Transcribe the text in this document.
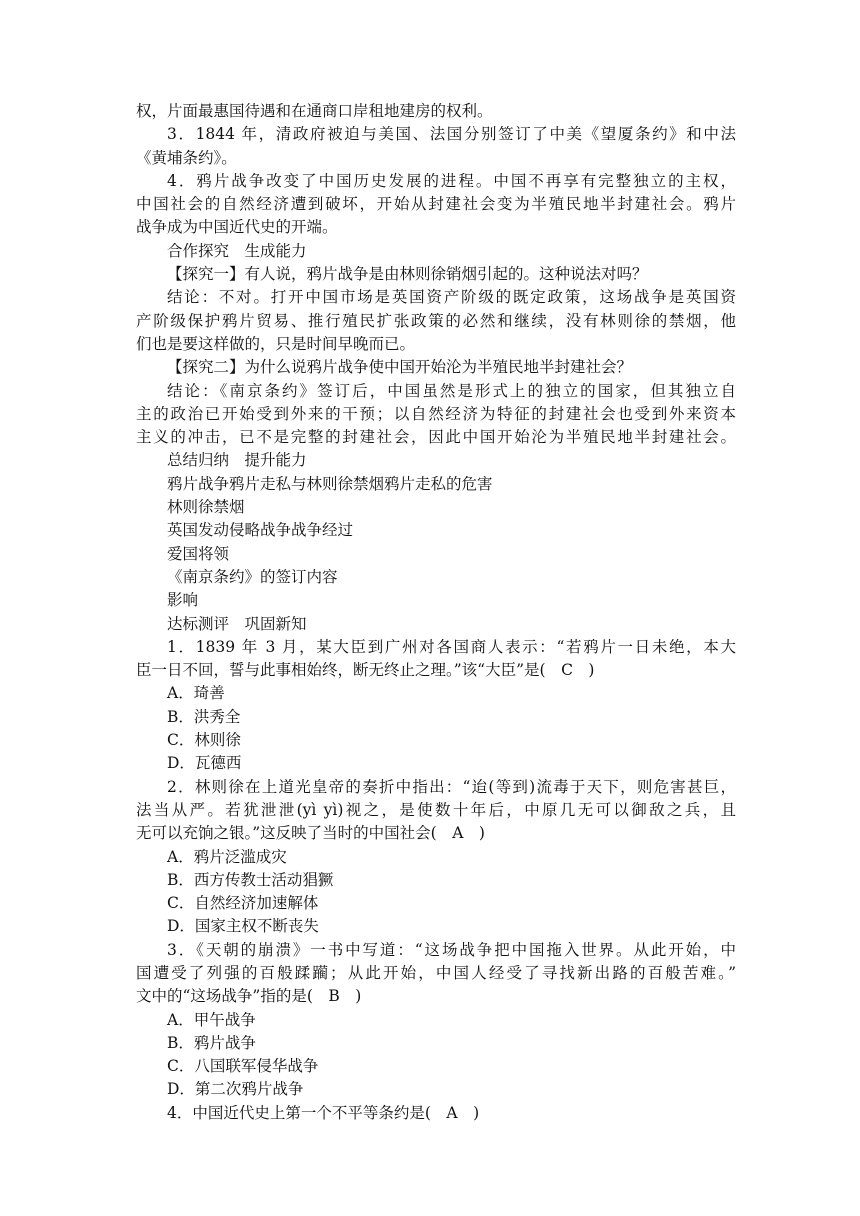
权，片面最惠国待遇和在通商口岸租地建房的权利。
3．1844 年，清政府被迫与美国、法国分别签订了中美《望厦条约》和中法
《黄埔条约》。
4．鸦片战争改变了中国历史发展的进程。中国不再享有完整独立的主权，
中国社会的自然经济遭到破坏，开始从封建社会变为半殖民地半封建社会。鸦片
战争成为中国近代史的开端。
合作探究　生成能力
【探究一】有人说，鸦片战争是由林则徐销烟引起的。这种说法对吗？
结论：不对。打开中国市场是英国资产阶级的既定政策，这场战争是英国资
产阶级保护鸦片贸易、推行殖民扩张政策的必然和继续，没有林则徐的禁烟，他
们也是要这样做的，只是时间早晚而已。
【探究二】为什么说鸦片战争使中国开始沦为半殖民地半封建社会？
结论：《南京条约》签订后，中国虽然是形式上的独立的国家，但其独立自
主的政治已开始受到外来的干预；以自然经济为特征的封建社会也受到外来资本
主义的冲击，已不是完整的封建社会，因此中国开始沦为半殖民地半封建社会。
总结归纳　提升能力
鸦片战争鸦片走私与林则徐禁烟鸦片走私的危害
林则徐禁烟
英国发动侵略战争战争经过
爱国将领
《南京条约》的签订内容
影响
达标测评　巩固新知
1．1839 年 3 月，某大臣到广州对各国商人表示：“若鸦片一日未绝，本大
臣一日不回，誓与此事相始终，断无终止之理。”该“大臣”是(　C　)
A．琦善
B．洪秀全
C．林则徐
D．瓦德西
2．林则徐在上道光皇帝的奏折中指出：“迨(等到)流毒于天下，则危害甚巨，
法当从严。若犹泄泄(yì yì)视之，是使数十年后，中原几无可以御敌之兵，且
无可以充饷之银。”这反映了当时的中国社会(　A　)
A．鸦片泛滥成灾
B．西方传教士活动猖獗
C．自然经济加速解体
D．国家主权不断丧失
3．《天朝的崩溃》一书中写道：“这场战争把中国拖入世界。从此开始，中
国遭受了列强的百般蹂躏；从此开始，中国人经受了寻找新出路的百般苦难。”
文中的“这场战争”指的是(　B　)
A．甲午战争
B．鸦片战争
C．八国联军侵华战争
D．第二次鸦片战争
4．中国近代史上第一个不平等条约是(　A　)
